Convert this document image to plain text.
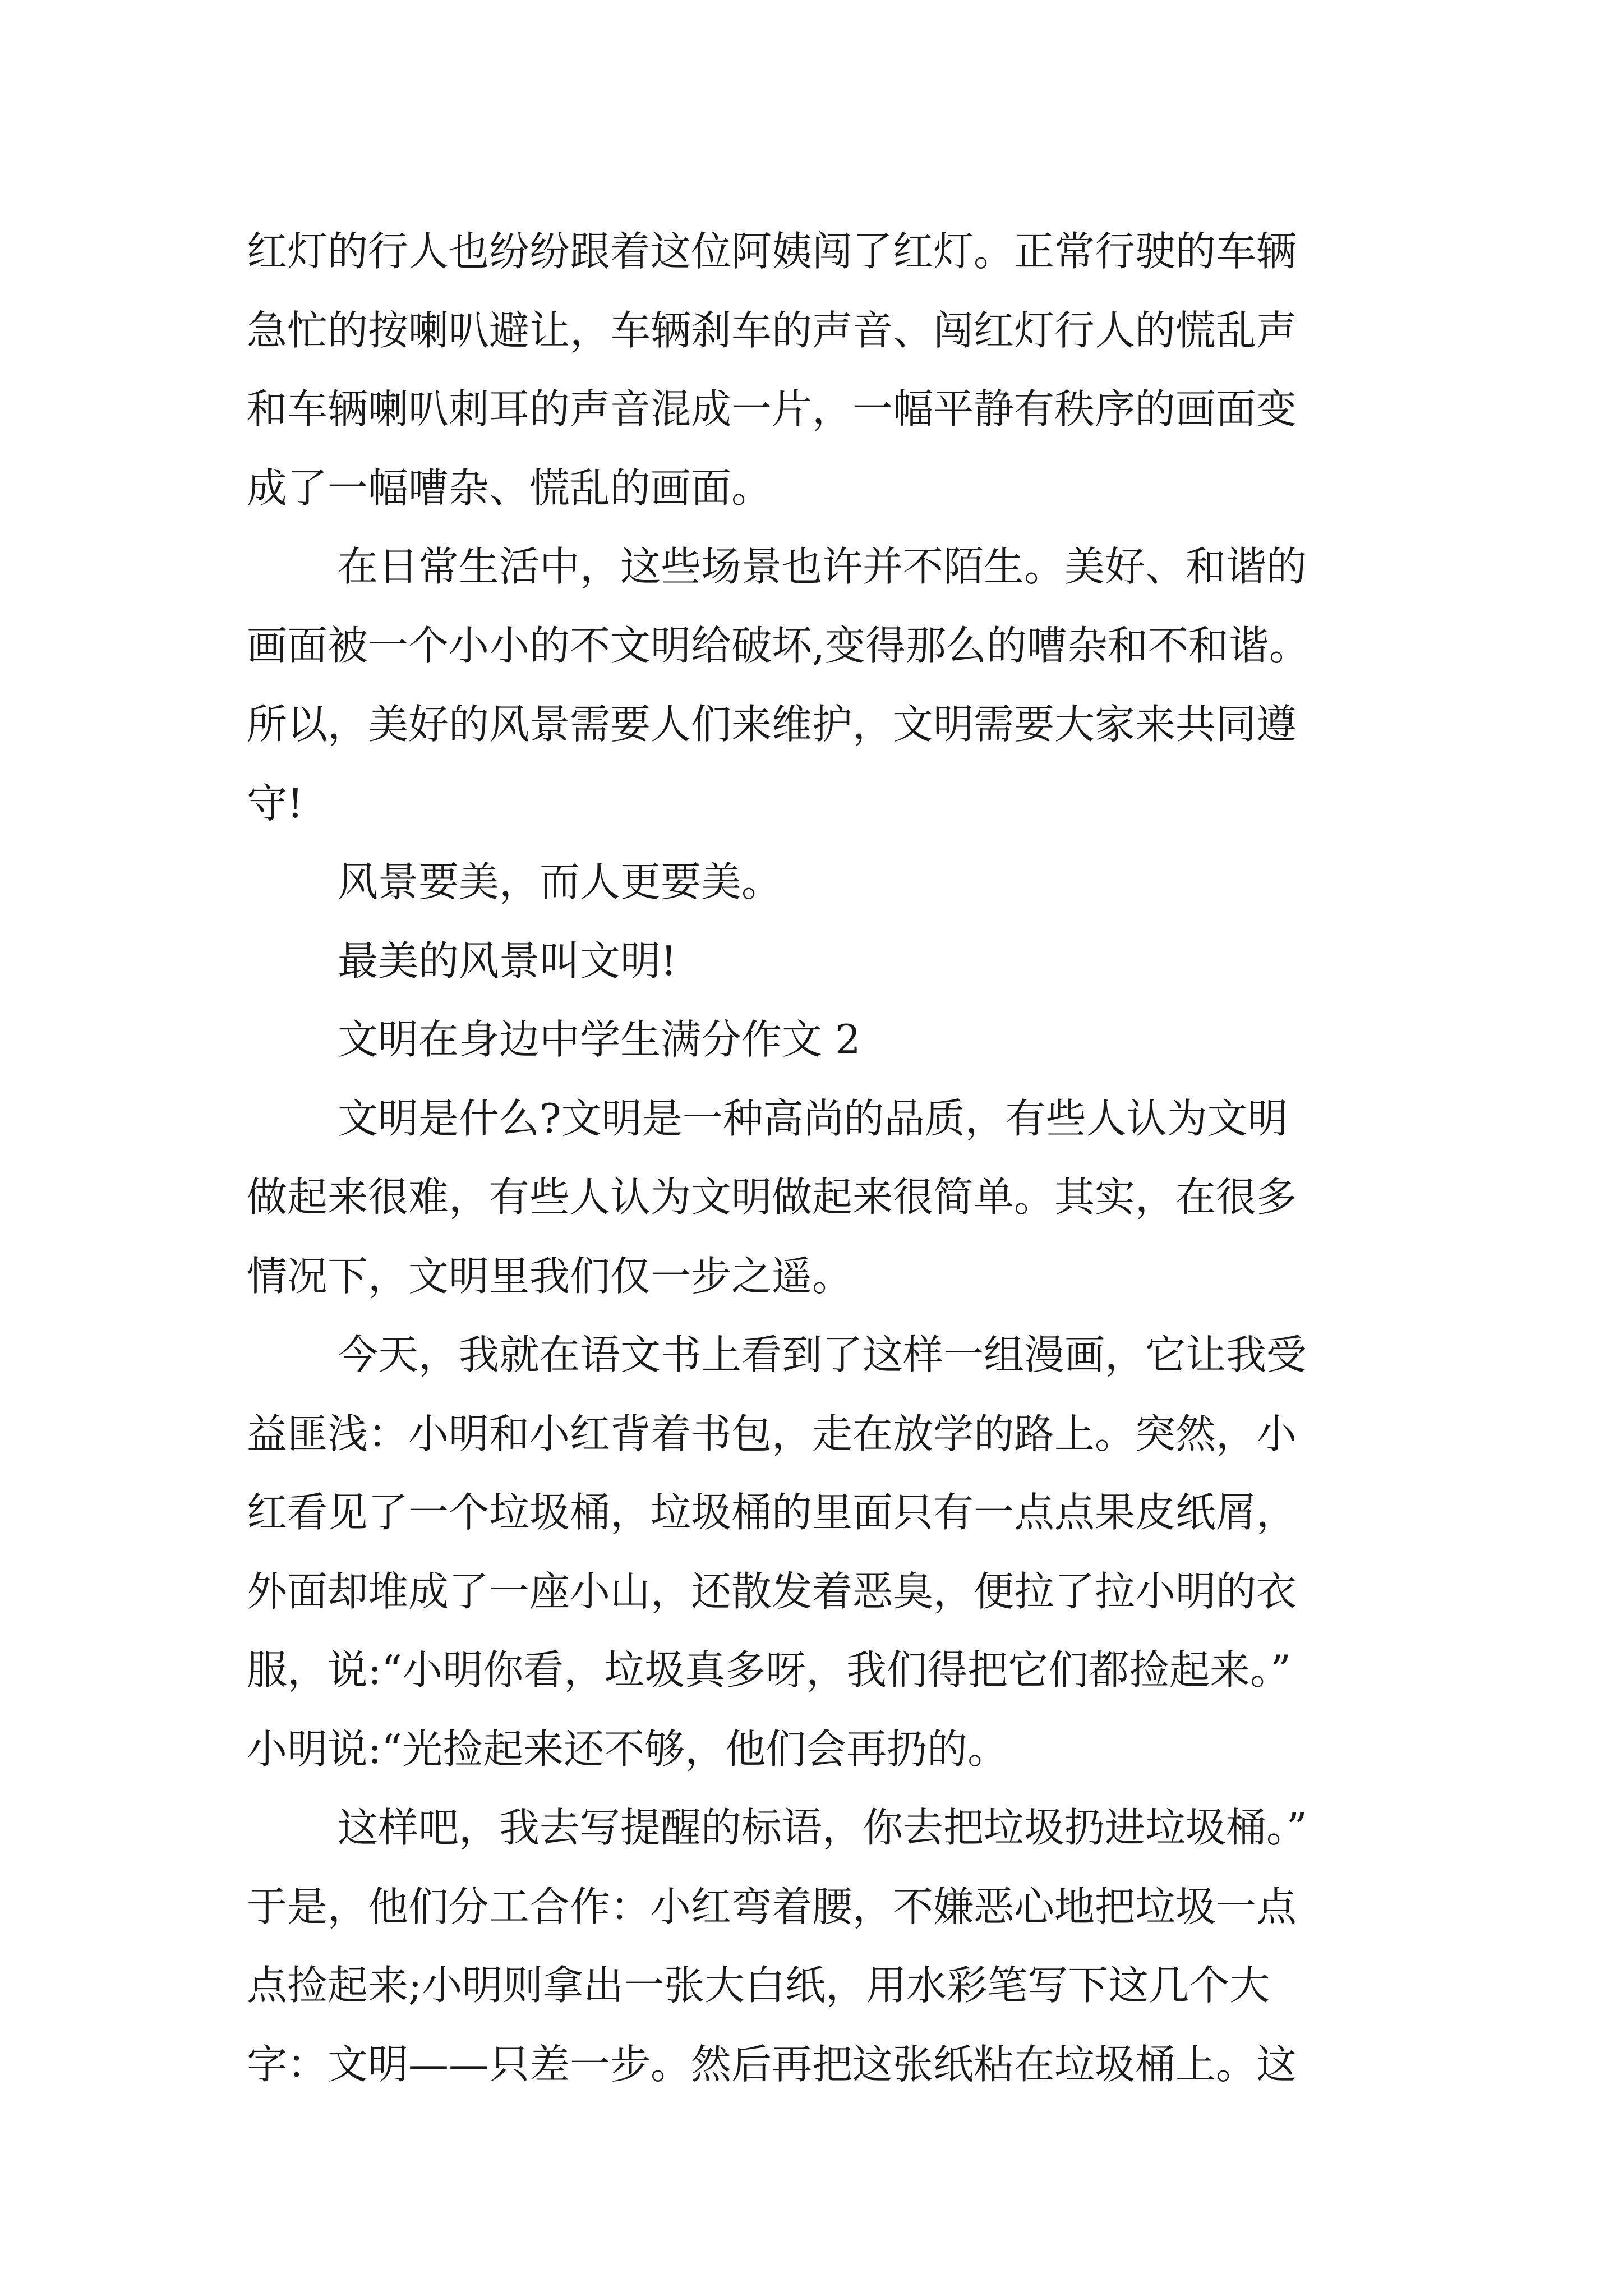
红灯的行人也纷纷跟着这位阿姨闯了红灯。正常行驶的车辆
急忙的按喇叭避让，车辆刹车的声音、闯红灯行人的慌乱声
和车辆喇叭刺耳的声音混成一片，一幅平静有秩序的画面变
成了一幅嘈杂、慌乱的画面。
在日常生活中，这些场景也许并不陌生。美好、和谐的
画面被一个小小的不文明给破坏,变得那么的嘈杂和不和谐。
所以，美好的风景需要人们来维护，文明需要大家来共同遵
守!
风景要美，而人更要美。
最美的风景叫文明!
文明在身边中学生满分作文 2
文明是什么?文明是一种高尚的品质，有些人认为文明
做起来很难，有些人认为文明做起来很简单。其实，在很多
情况下，文明里我们仅一步之遥。
今天，我就在语文书上看到了这样一组漫画，它让我受
益匪浅：小明和小红背着书包，走在放学的路上。突然，小
红看见了一个垃圾桶，垃圾桶的里面只有一点点果皮纸屑，
外面却堆成了一座小山，还散发着恶臭，便拉了拉小明的衣
服，说:“小明你看，垃圾真多呀，我们得把它们都捡起来。”
小明说:“光捡起来还不够，他们会再扔的。
这样吧，我去写提醒的标语，你去把垃圾扔进垃圾桶。”
于是，他们分工合作：小红弯着腰，不嫌恶心地把垃圾一点
点捡起来;小明则拿出一张大白纸，用水彩笔写下这几个大
字：文明——只差一步。然后再把这张纸粘在垃圾桶上。这
